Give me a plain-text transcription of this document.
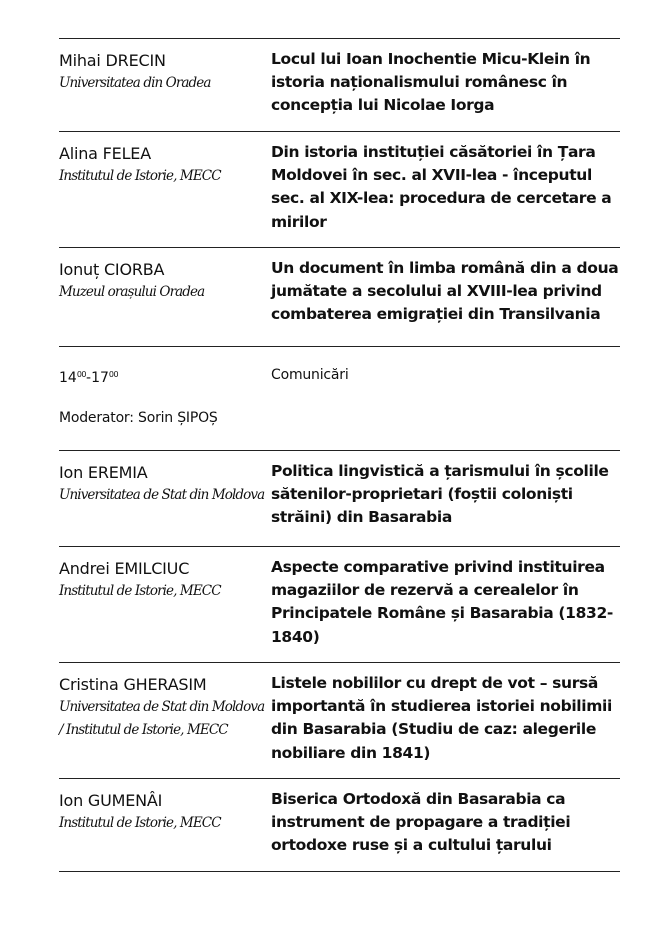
Mihai DRECIN
Universitatea din Oradea
Locul lui Ioan Inochentie Micu-Klein în istoria naționalismului românesc în concepția lui Nicolae Iorga
Alina FELEA
Institutul de Istorie, MECC
Din istoria instituției căsătoriei în Țara Moldovei în sec. al XVII-lea - începutul sec. al XIX-lea: procedura de cercetare a mirilor
Ionuț CIORBA
Muzeul orașului Oradea
Un document în limba română din a doua jumătate a secolului al XVIII-lea privind combaterea emigrației din Transilvania
$14^{00}-17^{00}$
Moderator: Sorin ȘIPOȘ
Comunicări
Ion EREMIA
Universitatea de Stat din Moldova
Politica lingvistică a țarismului în școlile sătenilor-proprietari (foștii coloniști străini) din Basarabia
Andrei EMILCIUC
Institutul de Istorie, MECC
Aspecte comparative privind instituirea magaziilor de rezervă a cerealelor în Principatele Române și Basarabia (1832-1840)
Cristina GHERASIM
Universitatea de Stat din Moldova / Institutul de Istorie, MECC
Listele nobililor cu drept de vot – sursă importantă în studierea istoriei nobilimii din Basarabia (Studiu de caz: alegerile nobiliare din 1841)
Ion GUMENÂI
Institutul de Istorie, MECC
Biserica Ortodoxă din Basarabia ca instrument de propagare a tradiției ortodoxe ruse și a cultului țarului
